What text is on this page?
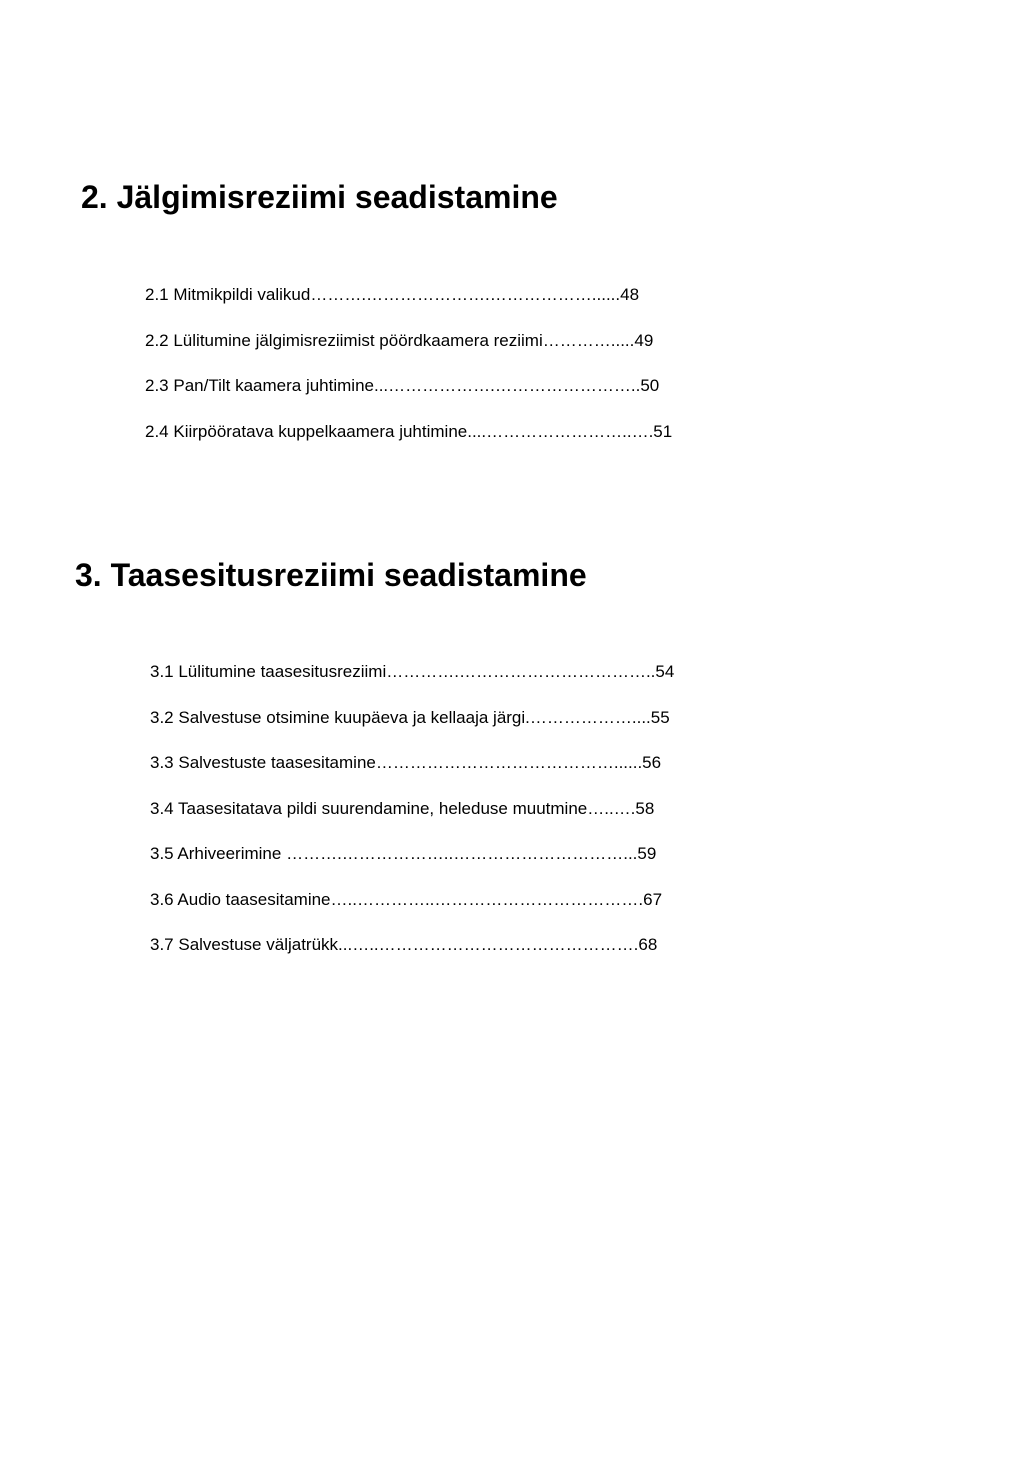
2. Jälgimisreziimi seadistamine
2.1 Mitmikpildi valikud……….………………….………………......48
2.2 Lülitumine jälgimisreziimist pöördkaamera reziimi………….....49
2.3 Pan/Tilt kaamera juhtimine...……………….……………………..50
2.4 Kiirpööratava kuppelkaamera juhtimine....……………………..….51
3. Taasesitusreziimi seadistamine
3.1 Lülitumine taasesitusreziimi………….……………………………..54
3.2 Salvestuse otsimine kuupäeva ja kellaaja järgi.………………....55
3.3 Salvestuste taasesitamine……………………………………......56
3.4 Taasesitatava pildi suurendamine, heleduse muutmine…..….58
3.5 Arhiveerimine ……….………………..…………………………...59
3.6 Audio taasesitamine…..…………..……………………………….67
3.7 Salvestuse väljatrükk...…..……………………………………….68
